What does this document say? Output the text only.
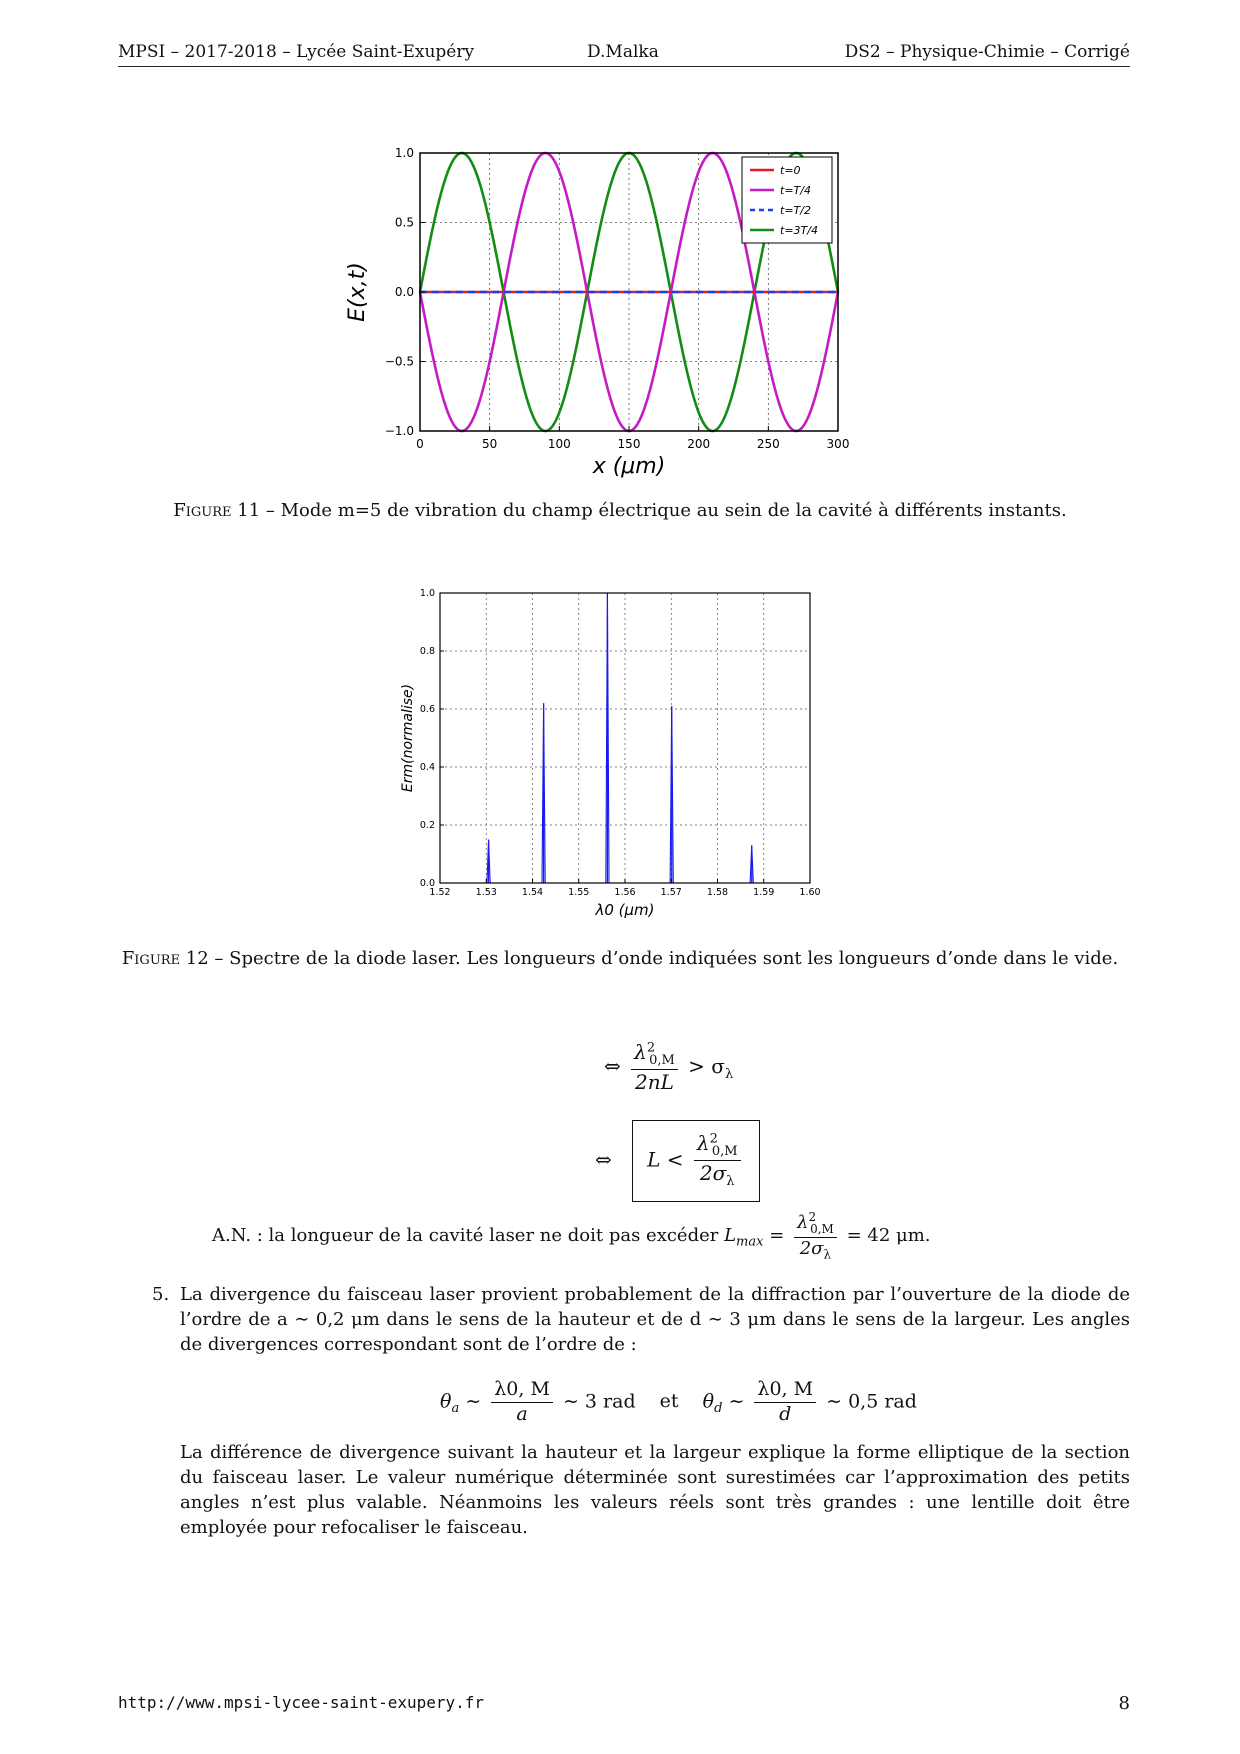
MPSI – 2017-2018 – Lycée Saint-Exupéry	D.Malka	DS2 – Physique-Chimie – Corrigé
0	50	100	150	200	250	300
1.0
0.5
0.0
−0.5
−1.0
x (μm)
E(x,t)
t=0
t=T/4
t=T/2
t=3T/4
Figure 11 – Mode m=5 de vibration du champ électrique au sein de la cavité à différents instants.
1.52	1.53	1.54	1.55	1.56	1.57	1.58	1.59	1.60
1.0
0.8
0.6
0.4
0.2
0.0
λ0 (μm)
Erm(normalise)
Figure 12 – Spectre de la diode laser. Les longueurs d’onde indiquées sont les longueurs d’onde dans le vide.
⇔ $\frac{\lambda^2_{0,M}}{2nL} > \sigma_\lambda$
⇔ $L < \frac{\lambda^2_{0,M}}{2\sigma_\lambda}$
A.N. : la longueur de la cavité laser ne doit pas excéder $L_{max} = \frac{\lambda^2_{0,M}}{2\sigma_\lambda} = 42$ μm.
5. La divergence du faisceau laser provient probablement de la diffraction par l’ouverture de la diode de l’ordre de a ∼ 0,2 μm dans le sens de la hauteur et de d ∼ 3 μm dans le sens de la largeur. Les angles de divergences correspondant sont de l’ordre de :
$\theta_a$ ∼ $\frac{\lambda 0, M}{a}$ ∼ 3 rad et $\theta_d$ ∼ $\frac{\lambda 0, M}{d}$ ∼ 0,5 rad
La différence de divergence suivant la hauteur et la largeur explique la forme elliptique de la section du faisceau laser. Le valeur numérique déterminée sont surestimées car l’approximation des petits angles n’est plus valable. Néanmoins les valeurs réels sont très grandes : une lentille doit être employée pour refocaliser le faisceau.
http://www.mpsi-lycee-saint-exupery.fr	8
